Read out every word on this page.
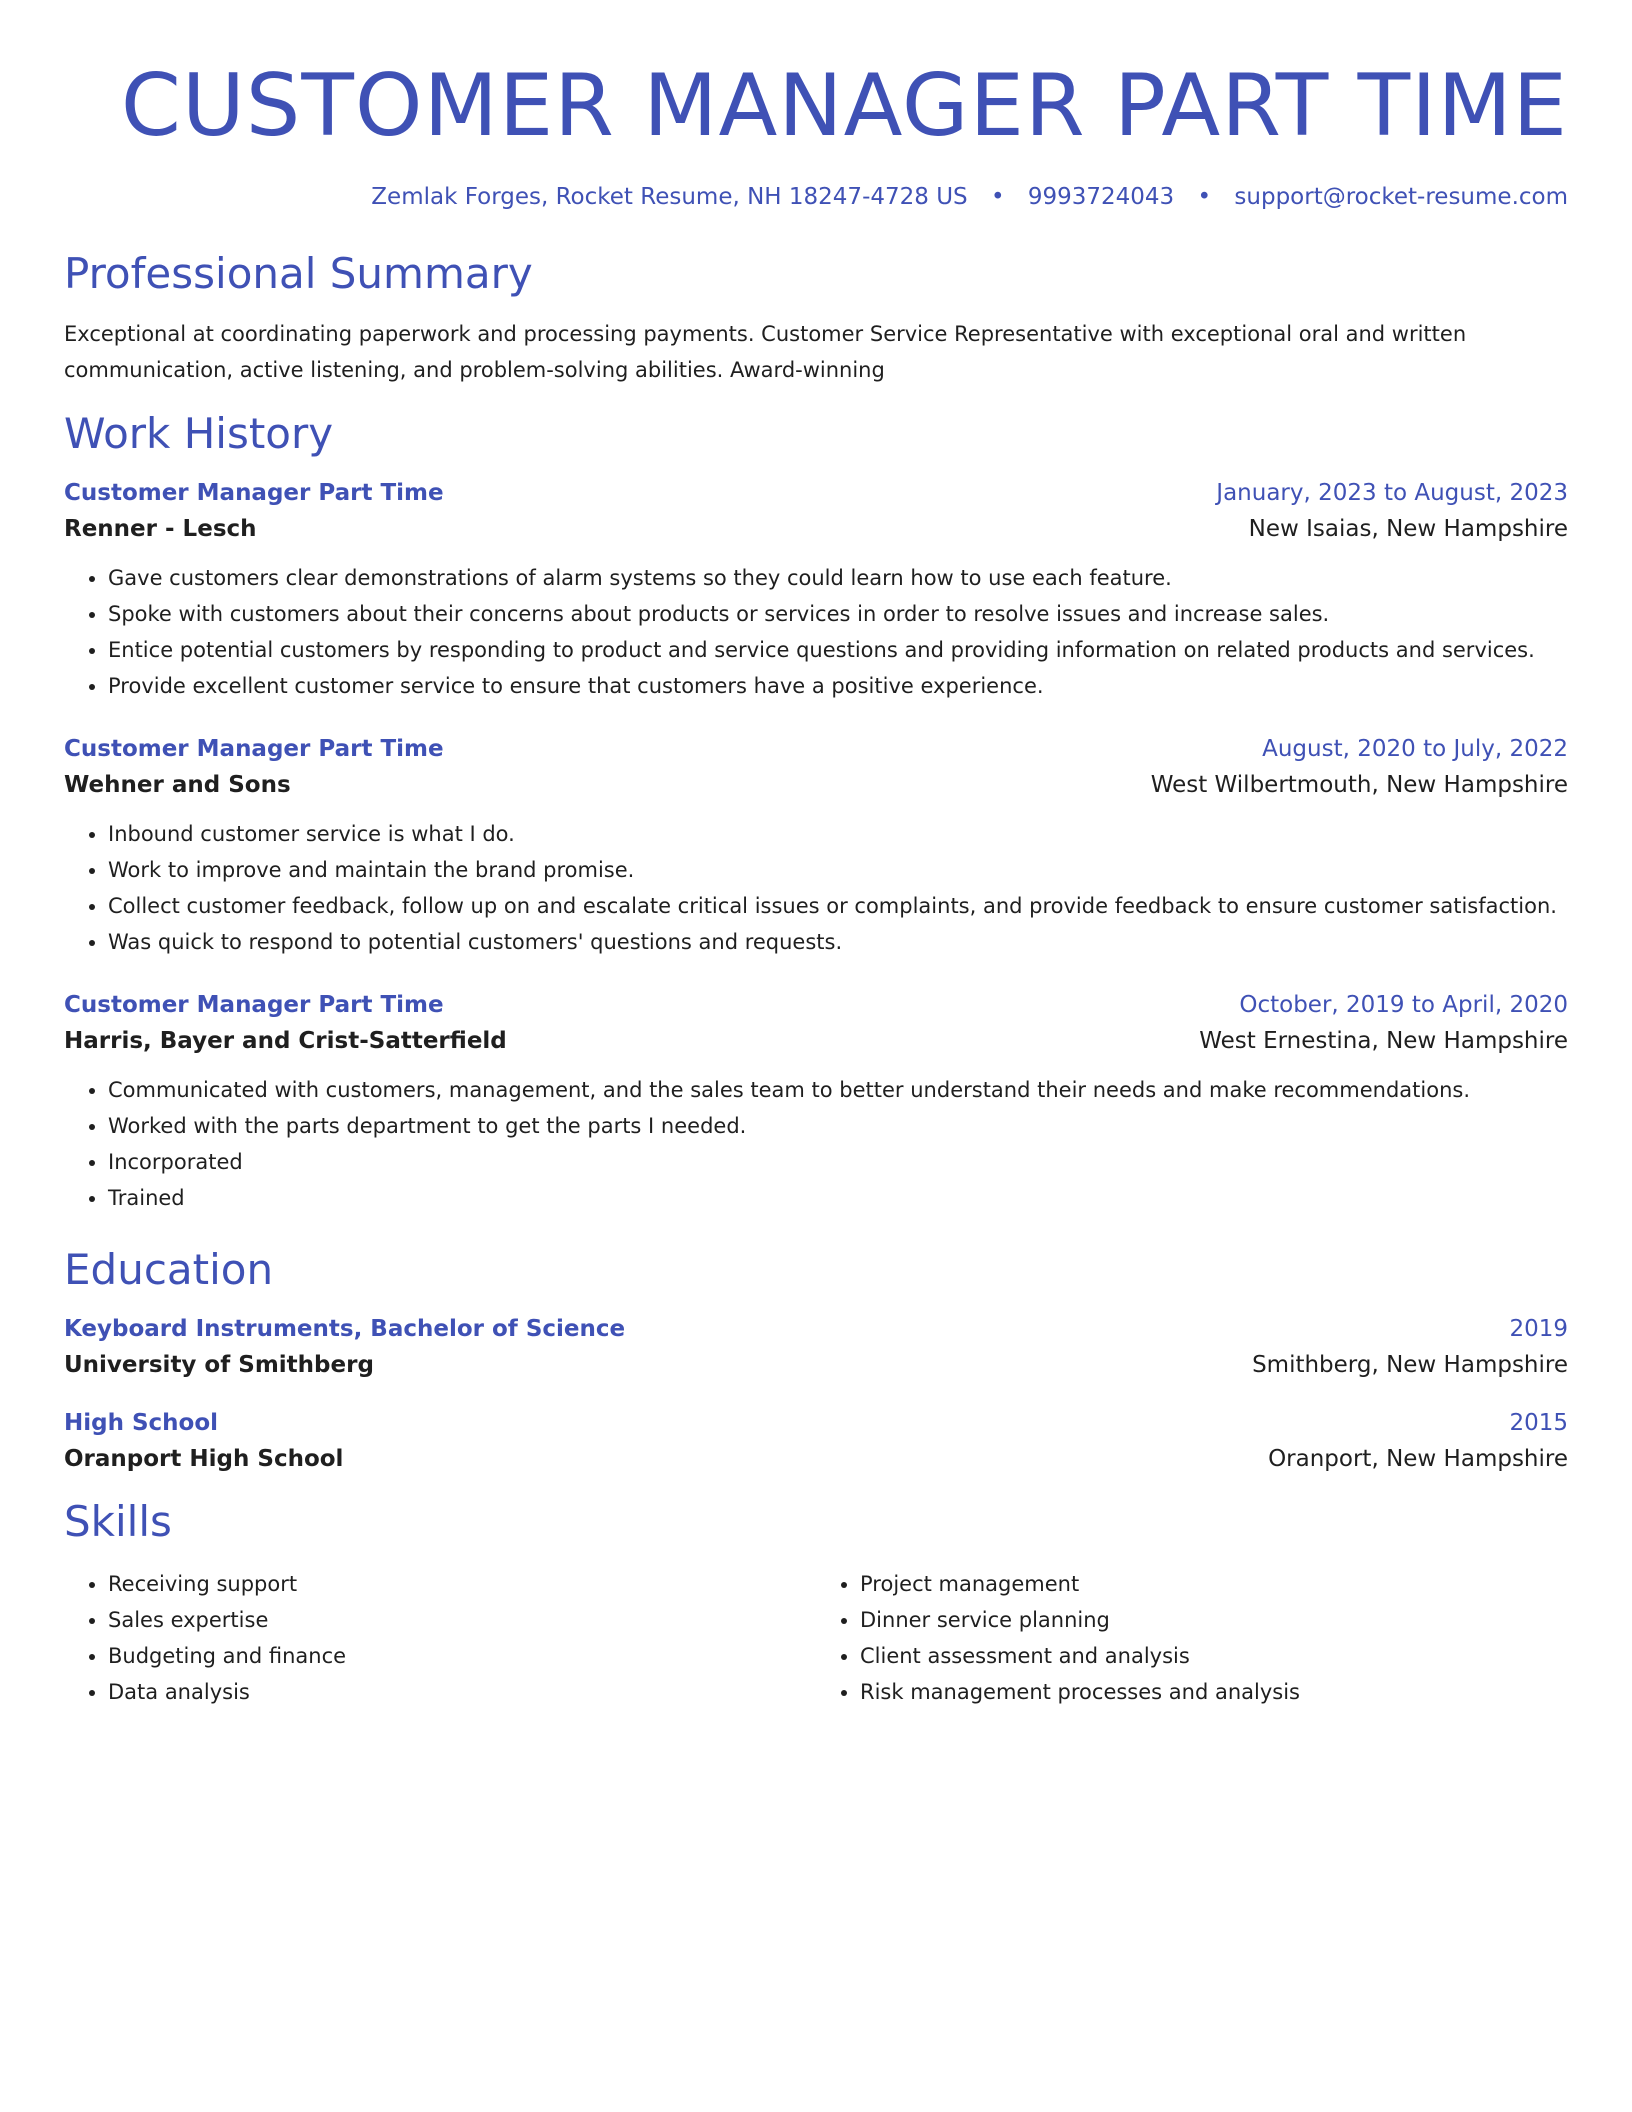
CUSTOMER MANAGER PART TIME
Zemlak Forges, Rocket Resume, NH 18247-4728 US • 9993724043 • support@rocket-resume.com
Professional Summary
Exceptional at coordinating paperwork and processing payments. Customer Service Representative with exceptional oral and written communication, active listening, and problem-solving abilities. Award-winning
Work History
Customer Manager Part Time	January, 2023 to August, 2023
Renner - Lesch	New Isaias, New Hampshire
• Gave customers clear demonstrations of alarm systems so they could learn how to use each feature.
• Spoke with customers about their concerns about products or services in order to resolve issues and increase sales.
• Entice potential customers by responding to product and service questions and providing information on related products and services.
• Provide excellent customer service to ensure that customers have a positive experience.
Customer Manager Part Time	August, 2020 to July, 2022
Wehner and Sons	West Wilbertmouth, New Hampshire
• Inbound customer service is what I do.
• Work to improve and maintain the brand promise.
• Collect customer feedback, follow up on and escalate critical issues or complaints, and provide feedback to ensure customer satisfaction.
• Was quick to respond to potential customers' questions and requests.
Customer Manager Part Time	October, 2019 to April, 2020
Harris, Bayer and Crist-Satterfield	West Ernestina, New Hampshire
• Communicated with customers, management, and the sales team to better understand their needs and make recommendations.
• Worked with the parts department to get the parts I needed.
• Incorporated
• Trained
Education
Keyboard Instruments, Bachelor of Science	2019
University of Smithberg	Smithberg, New Hampshire
High School	2015
Oranport High School	Oranport, New Hampshire
Skills
• Receiving support
• Sales expertise
• Budgeting and finance
• Data analysis
• Project management
• Dinner service planning
• Client assessment and analysis
• Risk management processes and analysis
